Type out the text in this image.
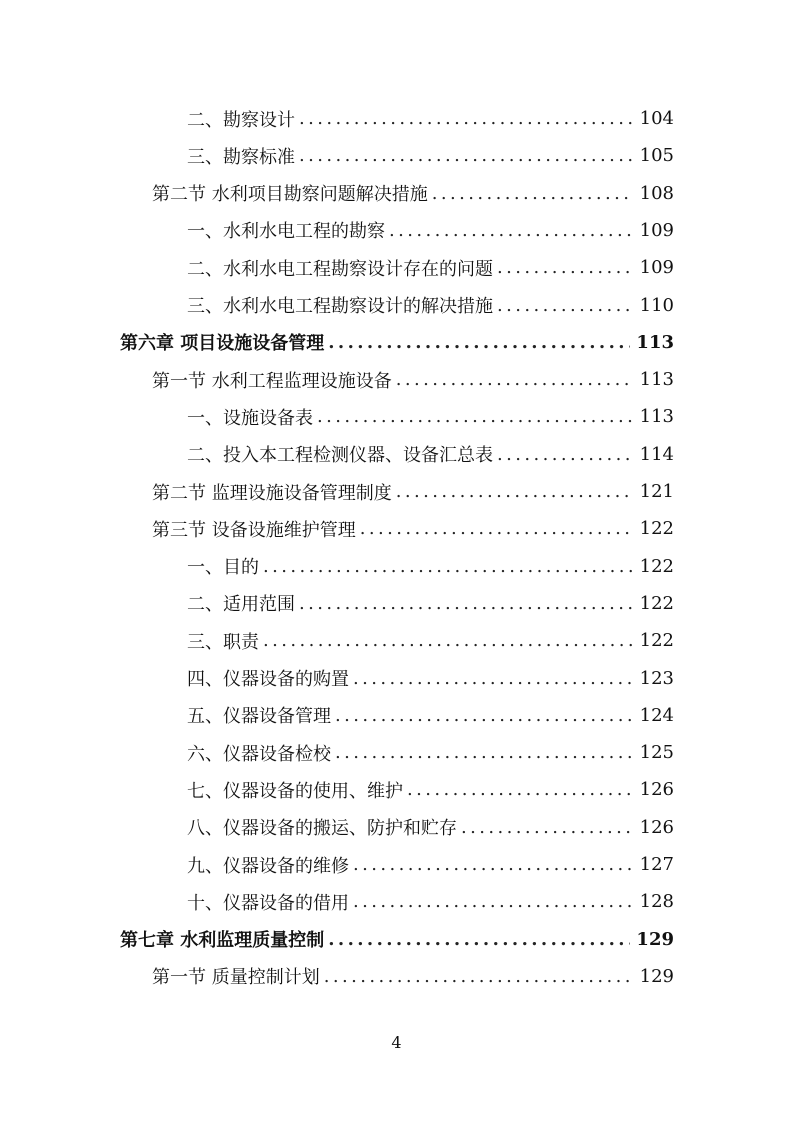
二、勘察设计 .....	104
三、勘察标准 .....	105
第二节 水利项目勘察问题解决措施 .....	108
一、水利水电工程的勘察 .....	109
二、水利水电工程勘察设计存在的问题 .....	109
三、水利水电工程勘察设计的解决措施 .....	110
第六章 项目设施设备管理 .....	113
第一节 水利工程监理设施设备 .....	113
一、设施设备表 .....	113
二、投入本工程检测仪器、设备汇总表 .....	114
第二节 监理设施设备管理制度 .....	121
第三节 设备设施维护管理 .....	122
一、目的 .....	122
二、适用范围 .....	122
三、职责 .....	122
四、仪器设备的购置 .....	123
五、仪器设备管理 .....	124
六、仪器设备检校 .....	125
七、仪器设备的使用、维护 .....	126
八、仪器设备的搬运、防护和贮存 .....	126
九、仪器设备的维修 .....	127
十、仪器设备的借用 .....	128
第七章 水利监理质量控制 .....	129
第一节 质量控制计划 .....	129
4
